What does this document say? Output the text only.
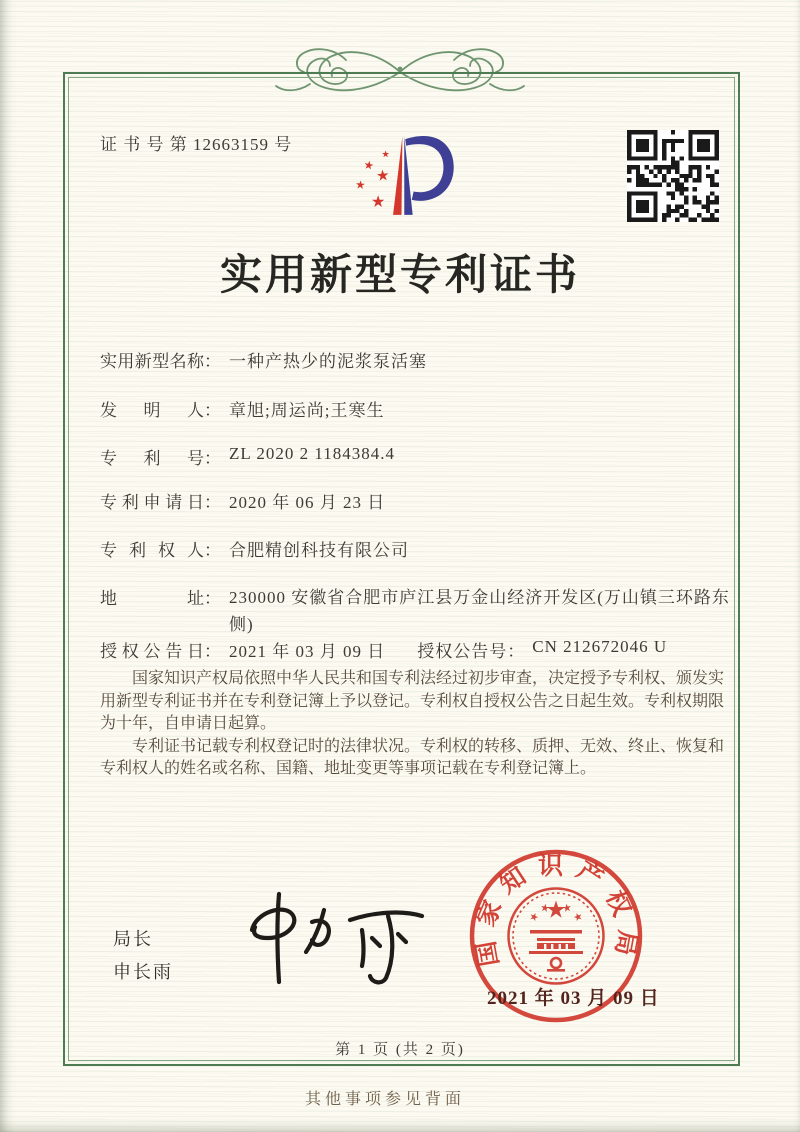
证 书 号 第 12663159 号
实用新型专利证书
实用新型名称： 一种产热少的泥浆泵活塞
发明人： 章旭;周运尚;王寒生
专利号： ZL 2020 2 1184384.4
专利申请日： 2020 年 06 月 23 日
专利权人： 合肥精创科技有限公司
地址： 230000 安徽省合肥市庐江县万金山经济开发区(万山镇三环路东侧)
授权公告日： 2021 年 03 月 09 日 授权公告号： CN 212672046 U

国家知识产权局依照中华人民共和国专利法经过初步审查，决定授予专利权、颁发实用新型专利证书并在专利登记簿上予以登记。专利权自授权公告之日起生效。专利权期限为十年，自申请日起算。

专利证书记载专利权登记时的法律状况。专利权的转移、质押、无效、终止、恢复和专利权人的姓名或名称、国籍、地址变更等事项记载在专利登记簿上。

局长
申长雨
国家知识产权局
2021 年 03 月 09 日
第 1 页 (共 2 页)
其他事项参见背面
